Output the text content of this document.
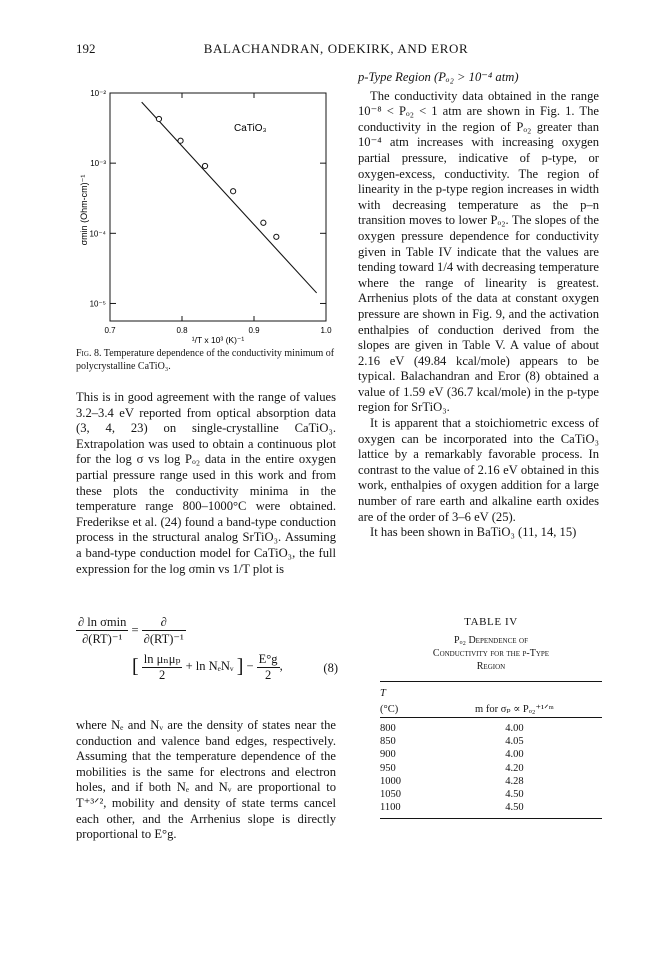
192	BALACHANDRAN, ODEKIRK, AND EROR
0.7	0.8	0.9	1.0
10⁻²
10⁻³
10⁻⁴
10⁻⁵
CaTiO₃
¹/T x 10³ (K)⁻¹
σmin (Ohm-cm)⁻¹
Fig. 8. Temperature dependence of the conductivity minimum of polycrystalline CaTiO₃.

This is in good agreement with the range of values 3.2–3.4 eV reported from optical absorption data (3, 4, 23) on single-crystalline CaTiO₃. Extrapolation was used to obtain a continuous plot for the log σ vs log Pₒ₂ data in the entire oxygen partial pressure range used in this work and from these plots the conductivity minima in the temperature range 800–1000°C were obtained. Frederikse et al. (24) found a band-type conduction process in the structural analog SrTiO₃. Assuming a band-type conduction model for CaTiO₃, the full expression for the log σmin vs 1/T plot is

$\frac{\text{∂ ln σmin}}{\text{∂(RT)⁻¹}} = \frac{\partial}{\text{∂(RT)⁻¹}}$
[ $\frac{\text{ln μₙμₚ}}{2} + \ln$ NₑNᵥ ] − $\frac{E^\circ g}{2}$ ,	(8)

where Nₑ and Nᵥ are the density of states near the conduction and valence band edges, respectively. Assuming that the temperature dependence of the mobilities is the same for electrons and electron holes, and if both Nₑ and Nᵥ are proportional to T⁺³ᐟ², mobility and density of state terms cancel each other, and the Arrhenius slope is directly proportional to E°g.

p-Type Region (Pₒ₂ > 10⁻⁴ atm)

The conductivity data obtained in the range 10⁻⁸ < Pₒ₂ < 1 atm are shown in Fig. 1. The conductivity in the region of Pₒ₂ greater than 10⁻⁴ atm increases with increasing oxygen partial pressure, indicative of p-type, or oxygen-excess, conductivity. The region of linearity in the p-type region increases in width with decreasing temperature as the p–n transition moves to lower Pₒ₂. The slopes of the oxygen pressure dependence for conductivity given in Table IV indicate that the values are tending toward 1/4 with decreasing temperature where the range of linearity is greatest. Arrhenius plots of the data at constant oxygen pressure are shown in Fig. 9, and the activation enthalpies of conduction derived from the slopes are given in Table V. A value of about 2.16 eV (49.84 kcal/mole) appears to be typical. Balachandran and Eror (8) obtained a value of 1.59 eV (36.7 kcal/mole) in the p-type region for SrTiO₃.

It is apparent that a stoichiometric excess of oxygen can be incorporated into the CaTiO₃ lattice by a remarkably favorable process. In contrast to the value of 2.16 eV obtained in this work, enthalpies of oxygen addition for a large number of rare earth and alkaline earth oxides are of the order of 3–6 eV (25).

It has been shown in BaTiO₃ (11, 14, 15)

TABLE IV
Pₒ₂ Dependence of
Conductivity for the p-Type
Region
T	
(°C)	m for σₚ ∝ Pₒ₂⁺¹ᐟᵐ

800	4.00
850	4.05
900	4.00
950	4.20
1000	4.28
1050	4.50
1100	4.50
